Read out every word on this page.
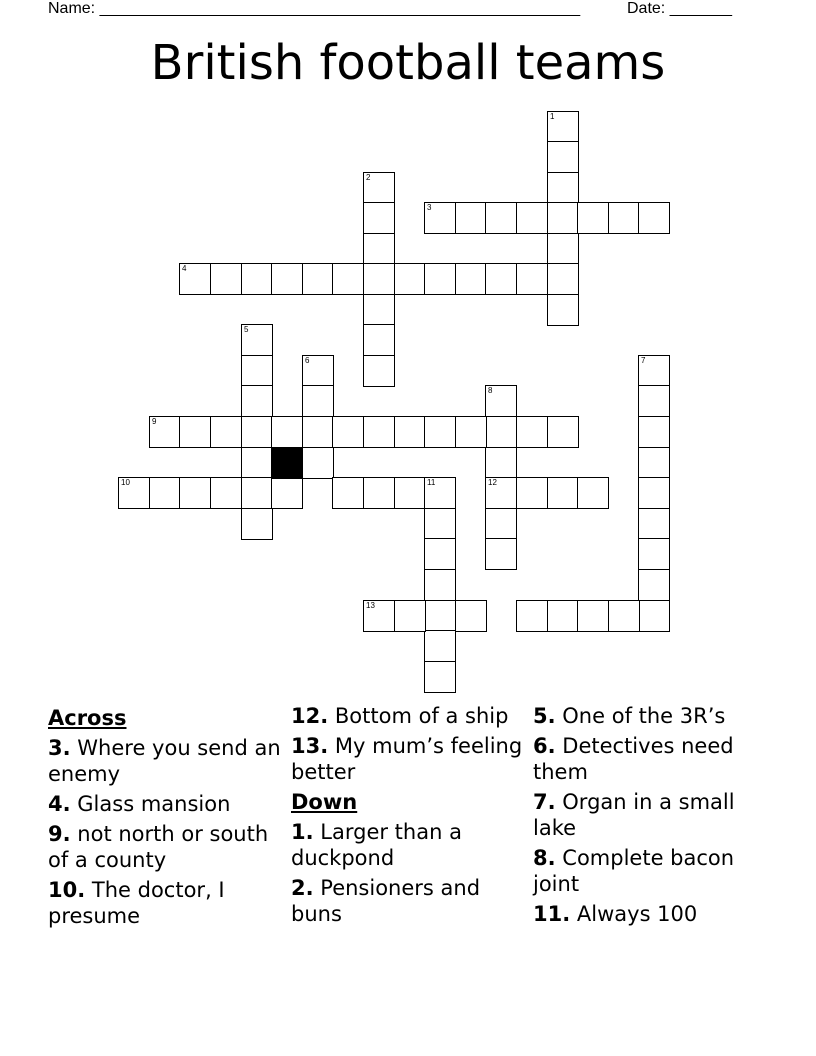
Name: ______________________________________________________	Date: _______
British football teams
1
2
3
4
5
6	7
8
12
9
10	11
13
Across
3. Where you send an enemy
4. Glass mansion
9. not north or south of a county
10. The doctor, I presume
12. Bottom of a ship
13. My mum’s feeling better
Down
1. Larger than a duckpond
2. Pensioners and buns
5. One of the 3R’s
6. Detectives need them
7. Organ in a small lake
8. Complete bacon joint
11. Always 100
